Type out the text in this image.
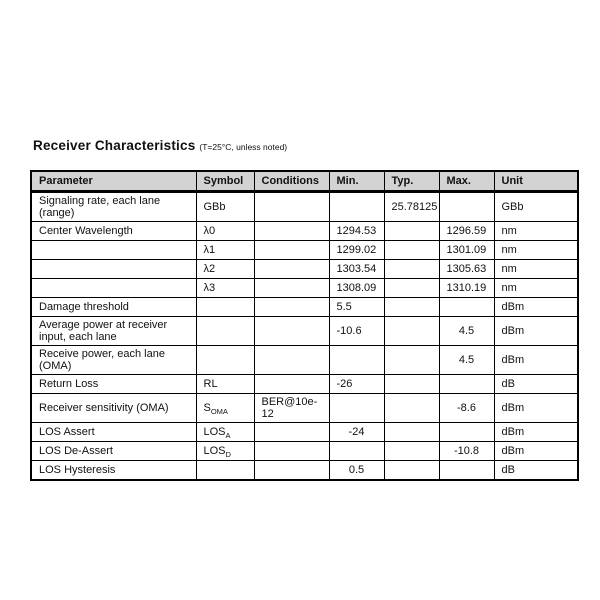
Receiver Characteristics (T=25°C, unless noted)
Parameter	Symbol	Conditions	Min.	Typ.	Max.	Unit
Signaling rate, each lane (range)	GBb			25.78125		GBb
Center Wavelength	λ0		1294.53		1296.59	nm
	λ1		1299.02		1301.09	nm
	λ2		1303.54		1305.63	nm
	λ3		1308.09		1310.19	nm
Damage threshold			5.5			dBm
Average power at receiver input, each lane			-10.6		4.5	dBm
Receive power, each lane (OMA)					4.5	dBm
Return Loss	RL		-26			dB
Receiver sensitivity (OMA)	$S_{OMA}$	BER@10e-12			-8.6	dBm
LOS Assert	$LOS_A$		-24			dBm
LOS De-Assert	$LOS_D$				-10.8	dBm
LOS Hysteresis			0.5			dB
